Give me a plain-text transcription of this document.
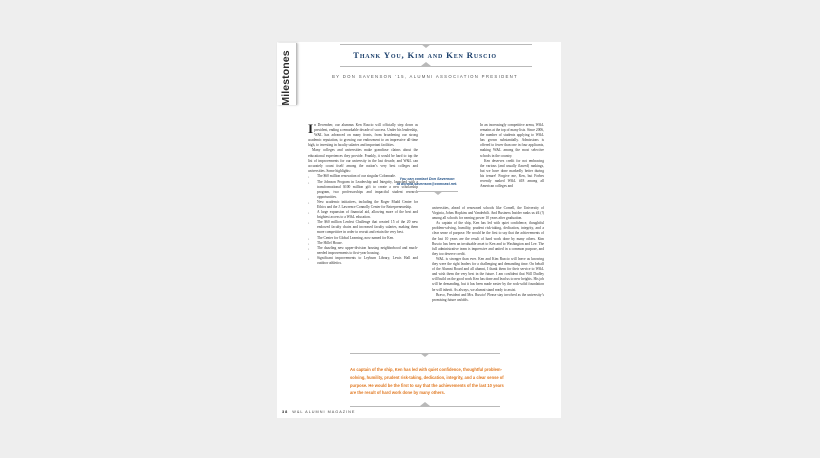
Milestones	Thank You, Kim and Ken Ruscio
BY DON SAVENSON ’15, ALUMNI ASSOCIATION PRESIDENT

In December, our alumnus Ken Ruscio will officially step down as president, ending a remarkable decade of success. Under his leadership, W&L has advanced on many fronts, from broadening our strong academic reputation, to growing our endowment to an impressive all-time high, to investing in faculty salaries and important facilities.

Many colleges and universities make grandiose claims about the educational experiences they provide. Frankly, it would be hard to top the list of improvements for our university in the last decade, and W&L can accurately count itself among the nation’s very best colleges and universities. Some highlights:

› The $60 million renovation of our singular Colonnade.
› The Johnson Program in Leadership and Integrity, launched with a transformational $100 million gift to create a new scholarship program, two professorships and impactful student research opportunities.
› New academic initiatives, including the Roger Mudd Center for Ethics and the J. Lawrence Connolly Center for Entrepreneurship.
› A large expansion of financial aid, allowing more of the best and brightest access to a W&L education.
› The $60 million Lenfest Challenge that created 15 of the 20 new endowed faculty chairs and increased faculty salaries, making them more competitive in order to recruit and retain the very best.
› The Center for Global Learning, now named for Ken.
› The Hillel House.
› The dazzling new upper-division housing neighborhood and much-needed improvements to first-year housing.
› Significant improvements to Leyburn Library, Lewis Hall and outdoor athletics.
You can contact Don Savenson
at donald.savenson@comcast.net.

In an increasingly competitive arena, W&L remains at the top of many lists. Since 2006, the number of students applying to W&L has grown substantially. Admissions is offered to fewer than one in four applicants, making W&L among the most selective schools in the country.

Ken deserves credit for not embracing the various (and usually flawed) rankings, but we have done markedly better during his tenure! Forgive me, Ken, but Forbes recently ranked W&L #18 among all American colleges and

universities, ahead of renowned schools like Cornell, the University of Virginia, Johns Hopkins and Vanderbilt. And Business Insider ranks us #4 (!) among all schools for earning power 10 years after graduation.

As captain of the ship, Ken has led with quiet confidence, thoughtful problem-solving, humility, prudent risk-taking, dedication, integrity, and a clear sense of purpose. He would be the first to say that the achievements of the last 10 years are the result of hard work done by many others. Kim Ruscio has been an invaluable asset to Ken and to Washington and Lee. The full administrative team is impressive and united in a common purpose, and they too deserve credit.

W&L is stronger than ever. Ken and Kim Ruscio will leave us knowing they were the right leaders for a challenging and demanding time. On behalf of the Alumni Board and all alumni, I thank them for their service to W&L and wish them the very best in the future. I am confident that Will Dudley will build on the good work Ken has done and lead us to new heights. His job will be demanding, but it has been made easier by the rock-solid foundation he will inherit. As always, we alumni stand ready to assist.

Bravo, President and Mrs. Ruscio! Please stay involved as the university’s promising future unfolds.

As captain of the ship, Ken has led with quiet confidence, thoughtful problem-solving, humility, prudent risk-taking, dedication, integrity, and a clear sense of purpose. He would be the first to say that the achievements of the last 10 years are the result of hard work done by many others.
38 W&L ALUMNI MAGAZINE
